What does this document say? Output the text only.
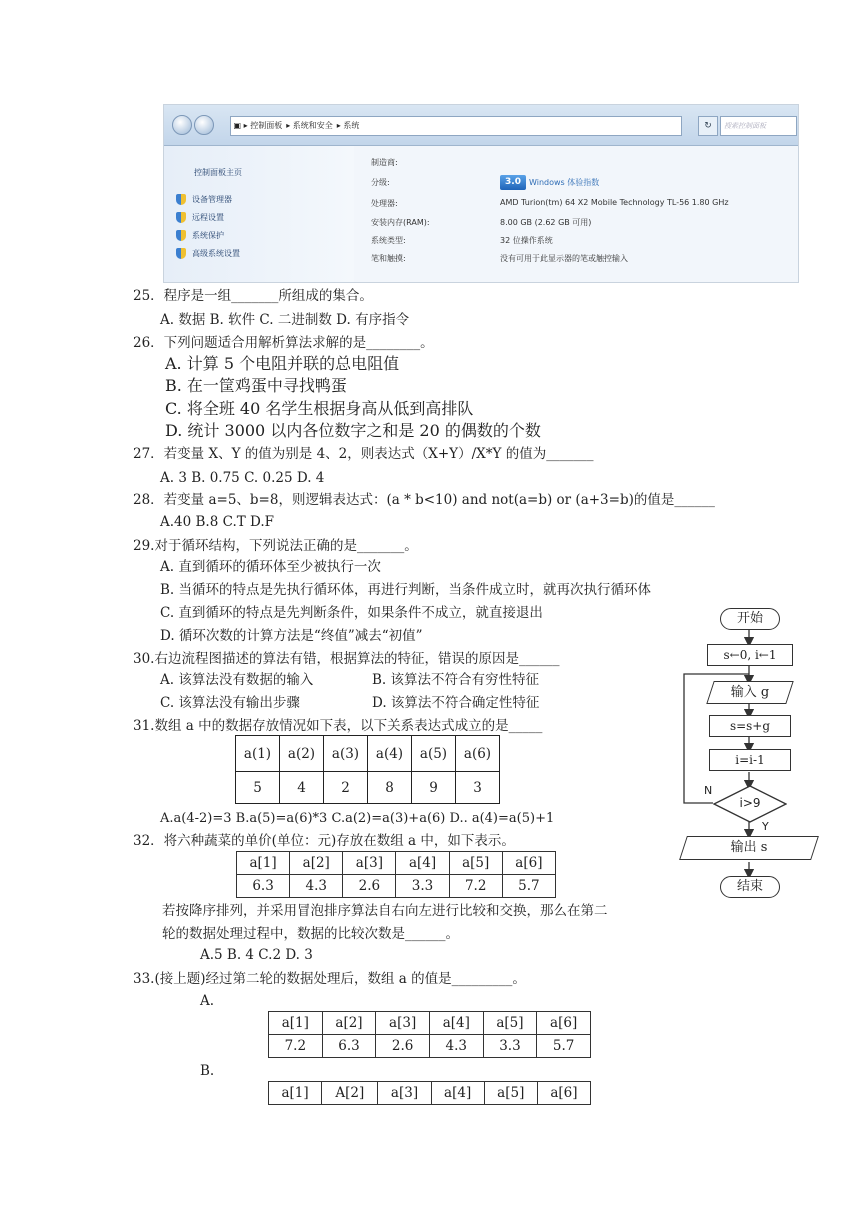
▣ ▸ 控制面板 ▸ 系统和安全 ▸ 系统	↻	搜索控制面板
控制面板主页
设备管理器
远程设置
系统保护
高级系统设置
制造商:
分级:	3.0 Windows 体验指数
处理器:	AMD Turion(tm) 64 X2 Mobile Technology TL-56 1.80 GHz
安装内存(RAM):	8.00 GB (2.62 GB 可用)
系统类型:	32 位操作系统
笔和触摸:	没有可用于此显示器的笔或触控输入
25．程序是一组_______所组成的集合。
A. 数据 B. 软件 C. 二进制数 D. 有序指令
26．下列问题适合用解析算法求解的是________。
A. 计算 5 个电阻并联的总电阻值
B. 在一筐鸡蛋中寻找鸭蛋
C. 将全班 40 名学生根据身高从低到高排队
D. 统计 3000 以内各位数字之和是 20 的偶数的个数
27．若变量 X、Y 的值为别是 4、2，则表达式（X+Y）/X*Y 的值为_______
A. 3 B. 0.75 C. 0.25 D. 4
28．若变量 a=5、b=8，则逻辑表达式：(a * b<10) and not(a=b) or (a+3=b)的值是______
A.40 B.8 C.T D.F
29.对于循环结构，下列说法正确的是_______。
A. 直到循环的循环体至少被执行一次
B. 当循环的特点是先执行循环体，再进行判断，当条件成立时，就再次执行循环体
C. 直到循环的特点是先判断条件，如果条件不成立，就直接退出
D. 循环次数的计算方法是“终值”减去“初值”
30.右边流程图描述的算法有错，根据算法的特征，错误的原因是______
A. 该算法没有数据的输入	B. 该算法不符合有穷性特征
C. 该算法没有输出步骤	D. 该算法不符合确定性特征
31.数组 a 中的数据存放情况如下表，以下关系表达式成立的是_____
a(1)	a(2)	a(3)	a(4)	a(5)	a(6)
5	4	2	8	9	3
A.a(4-2)=3 B.a(5)=a(6)*3 C.a(2)=a(3)+a(6) D.. a(4)=a(5)+1
32．将六种蔬菜的单价(单位：元)存放在数组 a 中，如下表示。
a[1]	a[2]	a[3]	a[4]	a[5]	a[6]
6.3	4.3	2.6	3.3	7.2	5.7
若按降序排列，并采用冒泡排序算法自右向左进行比较和交换，那么在第二
轮的数据处理过程中，数据的比较次数是______。
A.5 B. 4 C.2 D. 3
33.(接上题)经过第二轮的数据处理后，数组 a 的值是_________。
A.
a[1]	a[2]	a[3]	a[4]	a[5]	a[6]
7.2	6.3	2.6	4.3	3.3	5.7
B.
a[1]	A[2]	a[3]	a[4]	a[5]	a[6]
开始
s←0, i←1
输入 g
s=s+g
i=i-1
i>9
N
Y
输出 s
结束
